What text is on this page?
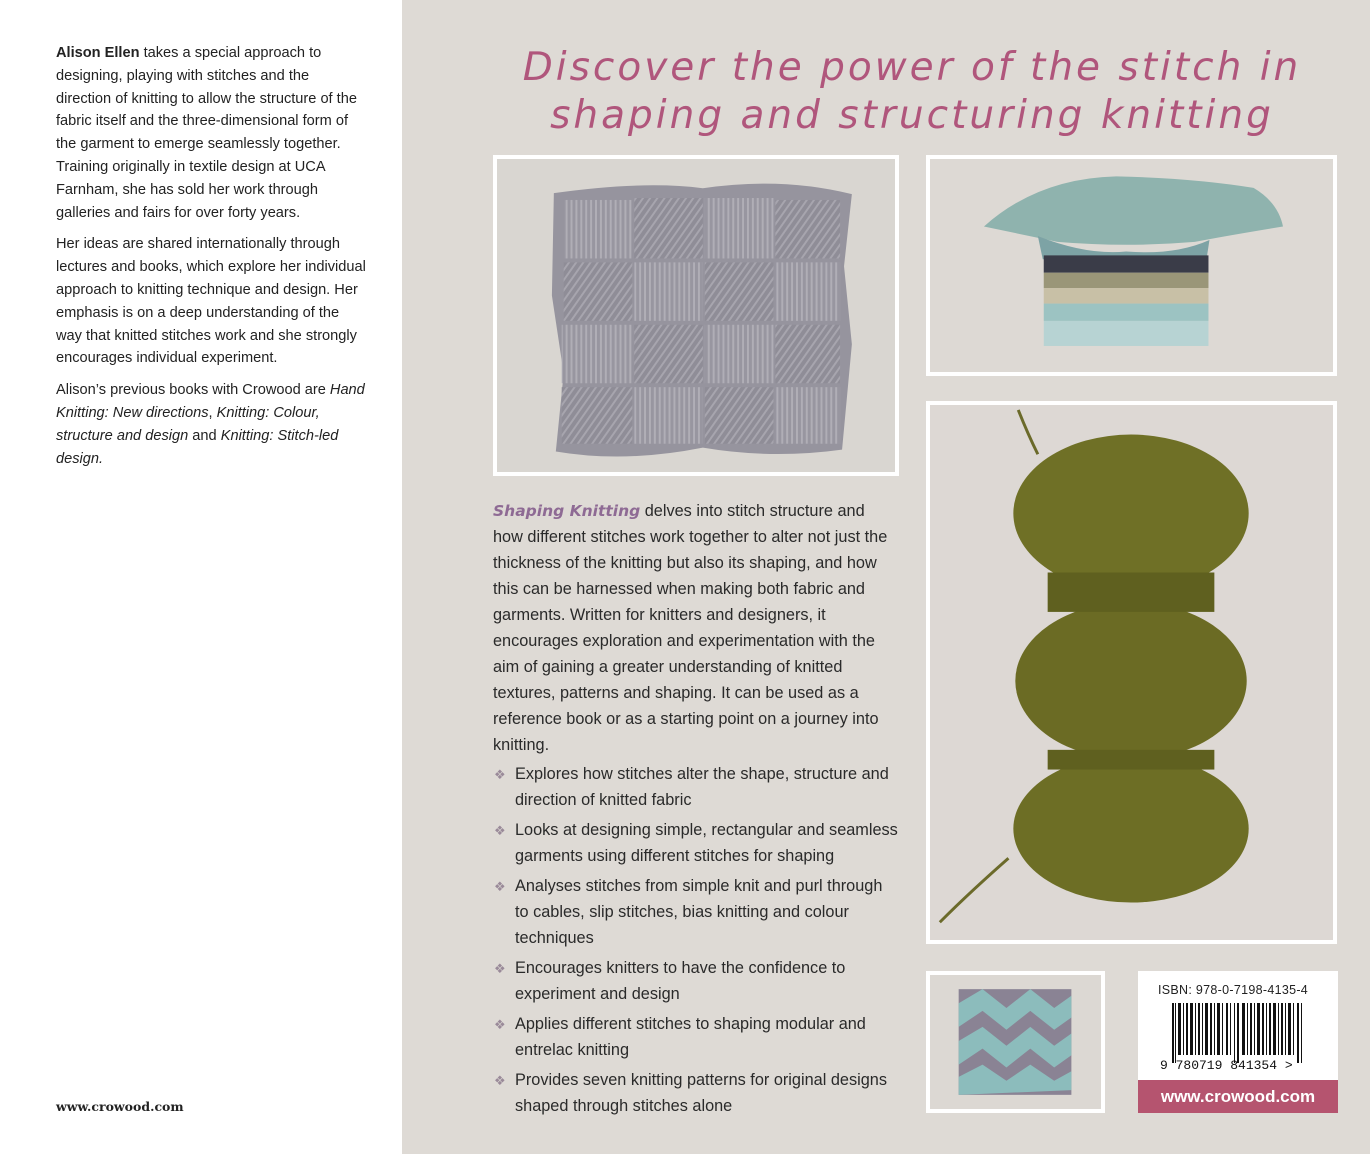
Alison Ellen takes a special approach to designing, playing with stitches and the direction of knitting to allow the structure of the fabric itself and the three-dimensional form of the garment to emerge seamlessly together. Training originally in textile design at UCA Farnham, she has sold her work through galleries and fairs for over forty years.

Her ideas are shared internationally through lectures and books, which explore her individual approach to knitting technique and design. Her emphasis is on a deep understanding of the way that knitted stitches work and she strongly encourages individual experiment.

Alison’s previous books with Crowood are Hand Knitting: New directions, Knitting: Colour, structure and design and Knitting: Stitch-led design.

www.crowood.com
Discover the power of the stitch in shaping and structuring knitting

Shaping Knitting delves into stitch structure and how different stitches work together to alter not just the thickness of the knitting but also its shaping, and how this can be harnessed when making both fabric and garments. Written for knitters and designers, it encourages exploration and experimentation with the aim of gaining a greater understanding of knitted textures, patterns and shaping. It can be used as a reference book or as a starting point on a journey into knitting.

❖ Explores how stitches alter the shape, structure and direction of knitted fabric
❖ Looks at designing simple, rectangular and seamless garments using different stitches for shaping
❖ Analyses stitches from simple knit and purl through to cables, slip stitches, bias knitting and colour techniques
❖ Encourages knitters to have the confidence to experiment and design
❖ Applies different stitches to shaping modular and entrelac knitting
❖ Provides seven knitting patterns for original designs shaped through stitches alone
ISBN: 978-0-7198-4135-4
9 780719 841354 >
www.crowood.com
